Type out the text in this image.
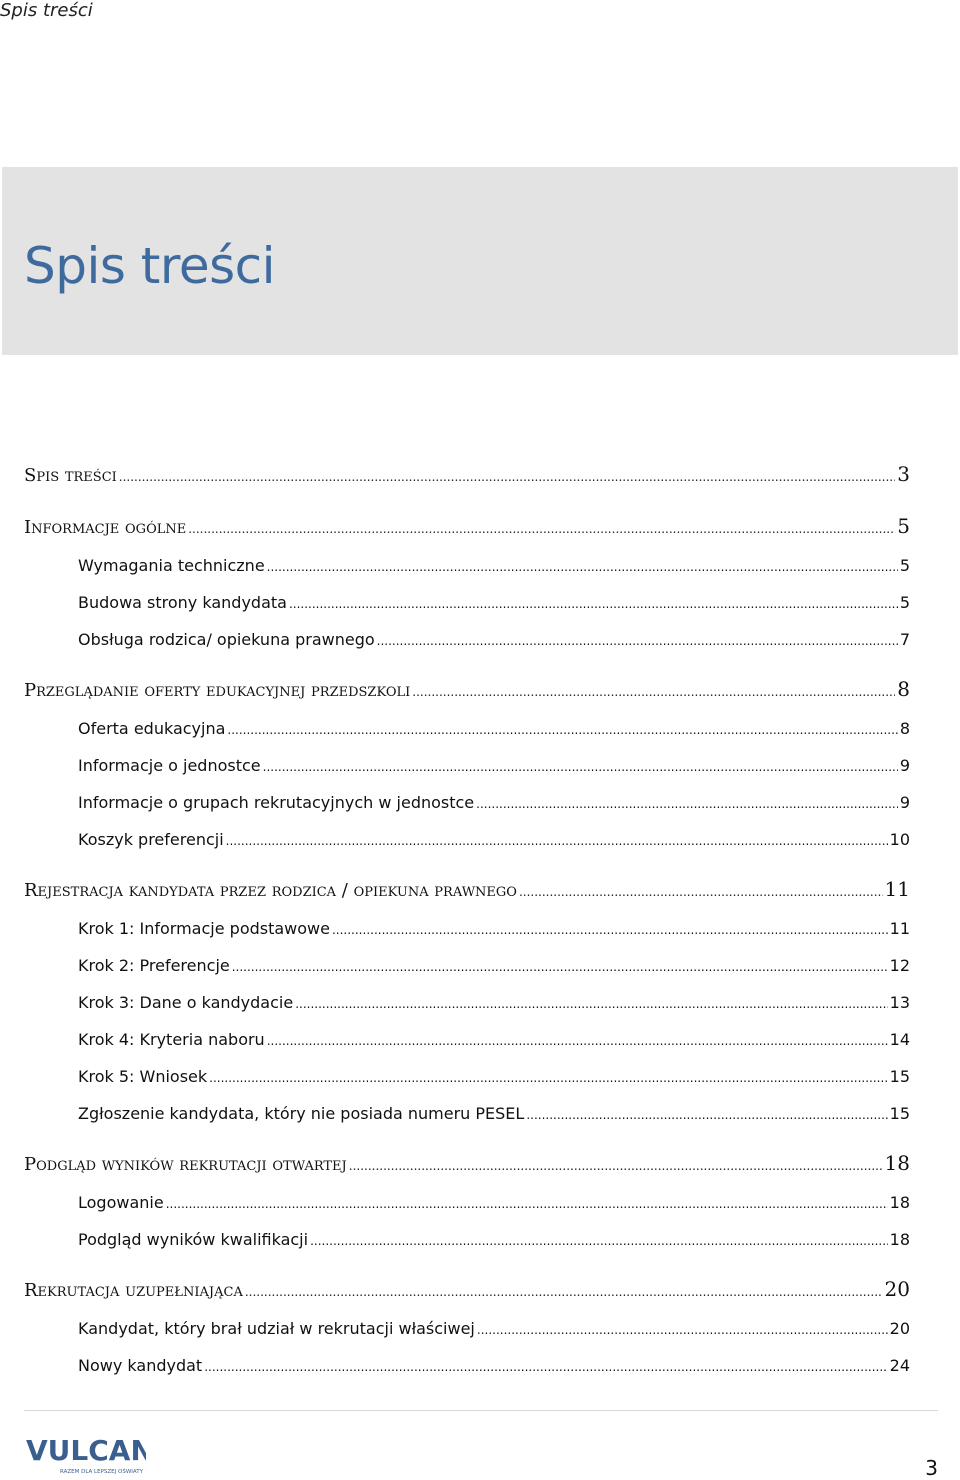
Spis treści
Spis treści
Spis treści .....	3
Informacje ogólne .....	5
Wymagania techniczne .....	5
Budowa strony kandydata .....	5
Obsługa rodzica/ opiekuna prawnego .....	7
Przeglądanie oferty edukacyjnej przedszkoli .....	8
Oferta edukacyjna .....	8
Informacje o jednostce .....	9
Informacje o grupach rekrutacyjnych w jednostce .....	9
Koszyk preferencji .....	10
Rejestracja kandydata przez rodzica / opiekuna prawnego .....	11
Krok 1: Informacje podstawowe .....	11
Krok 2: Preferencje .....	12
Krok 3: Dane o kandydacie .....	13
Krok 4: Kryteria naboru .....	14
Krok 5: Wniosek .....	15
Zgłoszenie kandydata, który nie posiada numeru PESEL .....	15
Podgląd wyników rekrutacji otwartej .....	18
Logowanie .....	18
Podgląd wyników kwalifikacji .....	18
Rekrutacja uzupełniająca .....	20
Kandydat, który brał udział w rekrutacji właściwej .....	20
Nowy kandydat .....	24
VULCAN
RAZEM DLA LEPSZEJ OŚWIATY	3
